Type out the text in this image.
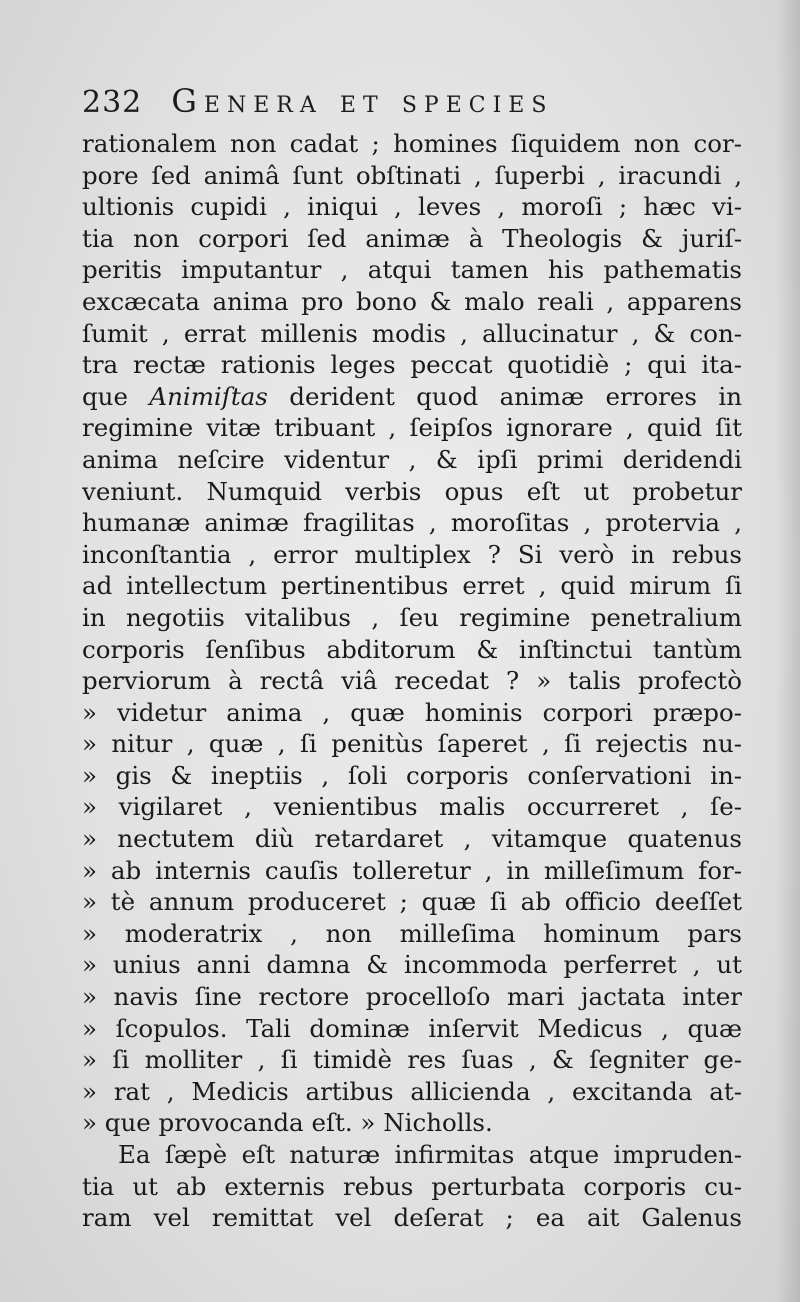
232 Genera et species
rationalem non cadat ; homines ſiquidem non cor-
pore ſed animâ ſunt obſtinati , ſuperbi , iracundi ,
ultionis cupidi , iniqui , leves , moroſi ; hæc vi-
tia non corpori ſed animæ à Theologis & juriſ-
peritis imputantur , atqui tamen his pathematis
excæcata anima pro bono & malo reali , apparens
ſumit , errat millenis modis , allucinatur , & con-
tra rectæ rationis leges peccat quotidiè ; qui ita-
que Animiſtas derident quod animæ errores in
regimine vitæ tribuant , ſeipſos ignorare , quid ſit
anima neſcire videntur , & ipſi primi deridendi
veniunt. Numquid verbis opus eſt ut probetur
humanæ animæ fragilitas , moroſitas , protervia ,
inconſtantia , error multiplex ? Si verò in rebus
ad intellectum pertinentibus erret , quid mirum ſi
in negotiis vitalibus , ſeu regimine penetralium
corporis ſenſibus abditorum & inſtinctui tantùm
perviorum à rectâ viâ recedat ? » talis profectò
» videtur anima , quæ hominis corpori præpo-
» nitur , quæ , ſi penitùs ſaperet , ſi rejectis nu-
» gis & ineptiis , ſoli corporis conſervationi in-
» vigilaret , venientibus malis occurreret , ſe-
» nectutem diù retardaret , vitamque quatenus
» ab internis cauſis tolleretur , in milleſimum for-
» tè annum produceret ; quæ ſi ab officio deeſſet
» moderatrix , non milleſima hominum pars
» unius anni damna & incommoda perferret , ut
» navis ſine rectore procelloſo mari jactata inter
» ſcopulos. Tali dominæ inſervit Medicus , quæ
» ſi molliter , ſi timidè res ſuas , & ſegniter ge-
» rat , Medicis artibus allicienda , excitanda at-
» que provocanda eſt. » Nicholls.
Ea ſæpè eſt naturæ infirmitas atque impruden-
tia ut ab externis rebus perturbata corporis cu-
ram vel remittat vel deſerat ; ea ait Galenus
